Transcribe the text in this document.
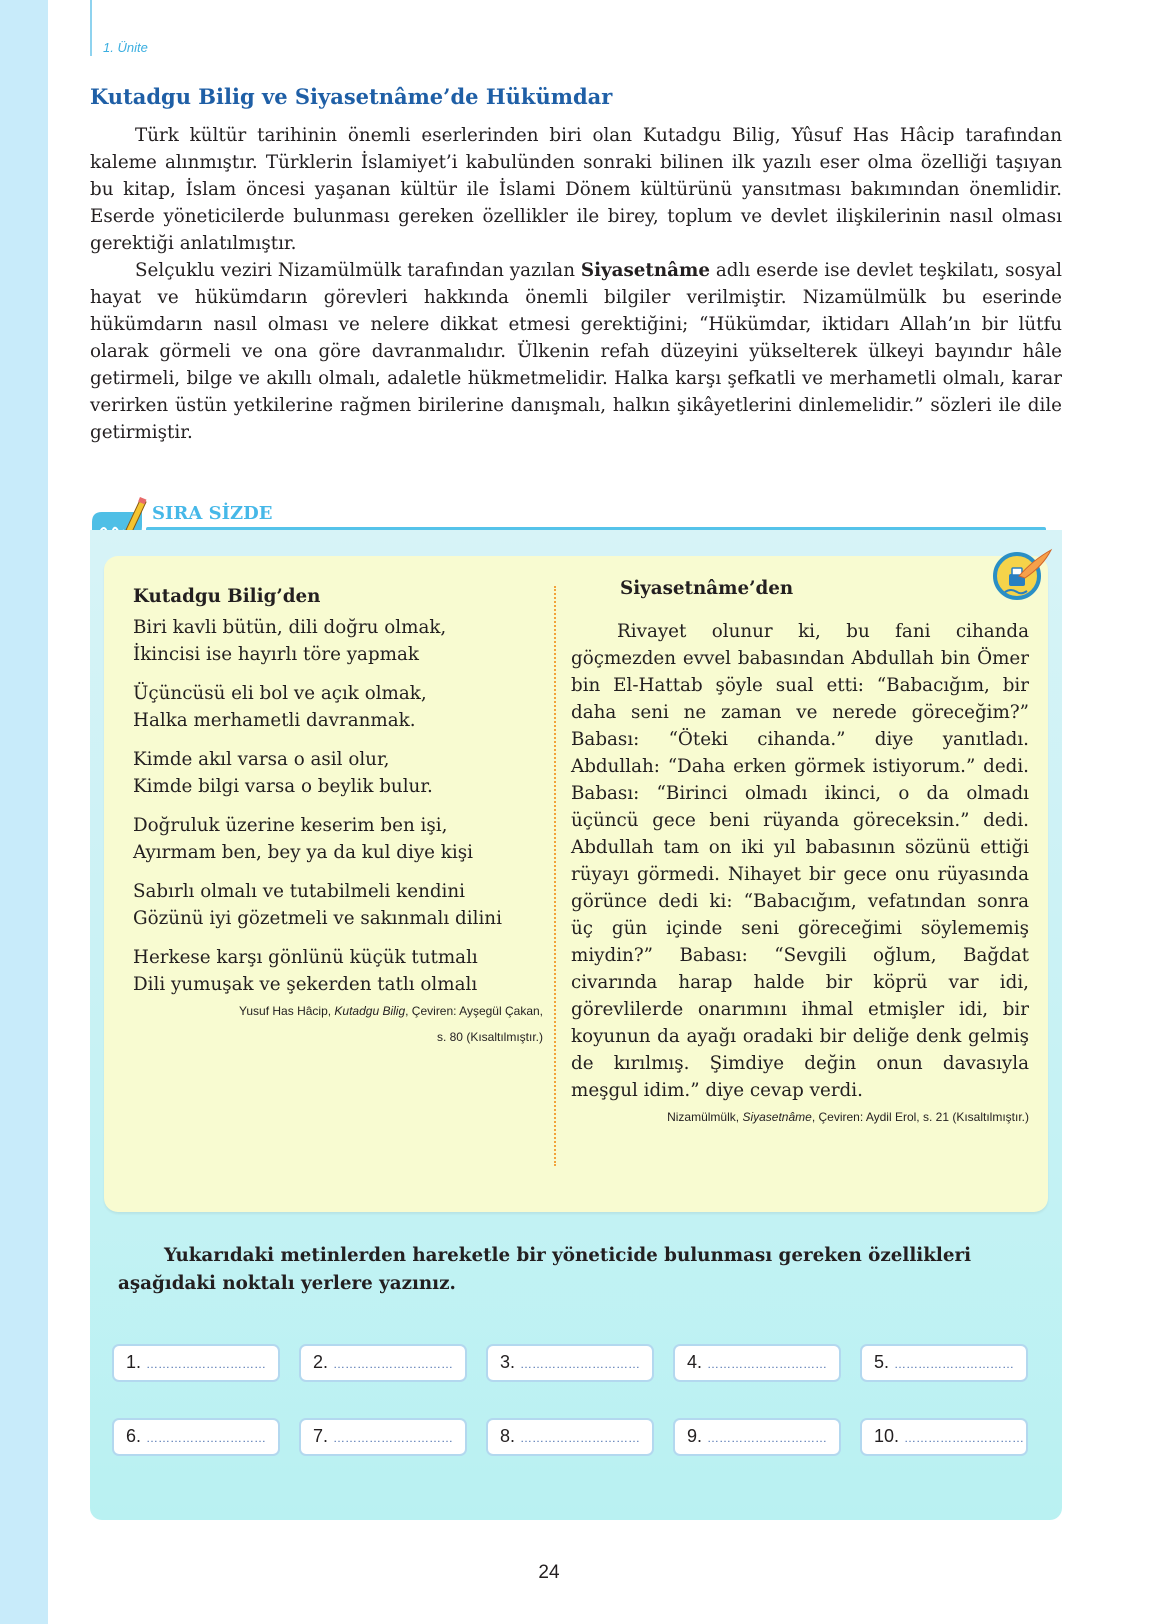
1. Ünite
Kutadgu Bilig ve Siyasetnâme’de Hükümdar

Türk kültür tarihinin önemli eserlerinden biri olan Kutadgu Bilig, Yûsuf Has Hâcip tarafından kaleme alınmıştır. Türklerin İslamiyet’i kabulünden sonraki bilinen ilk yazılı eser olma özelliği taşıyan bu kitap, İslam öncesi yaşanan kültür ile İslami Dönem kültürünü yansıtması bakımından önemlidir. Eserde yöneticilerde bulunması gereken özellikler ile birey, toplum ve devlet ilişkilerinin nasıl olması gerektiği anlatılmıştır.

Selçuklu veziri Nizamülmülk tarafından yazılan Siyasetnâme adlı eserde ise devlet teşkilatı, sosyal hayat ve hükümdarın görevleri hakkında önemli bilgiler verilmiştir. Nizamülmülk bu eserinde hükümdarın nasıl olması ve nelere dikkat etmesi gerektiğini; “Hükümdar, iktidarı Allah’ın bir lütfu olarak görmeli ve ona göre davranmalıdır. Ülkenin refah düzeyini yükselterek ülkeyi bayındır hâle getirmeli, bilge ve akıllı olmalı, adaletle hükmetmelidir. Halka karşı şefkatli ve merhametli olmalı, karar verirken üstün yetkilerine rağmen birilerine danışmalı, halkın şikâyetlerini dinlemelidir.” sözleri ile dile getirmiştir.

SIRA SİZDE

Kutadgu Bilig’den

Biri kavli bütün, dili doğru olmak,
İkincisi ise hayırlı töre yapmak
Üçüncüsü eli bol ve açık olmak,
Halka merhametli davranmak.
Kimde akıl varsa o asil olur,
Kimde bilgi varsa o beylik bulur.
Doğruluk üzerine keserim ben işi,
Ayırmam ben, bey ya da kul diye kişi
Sabırlı olmalı ve tutabilmeli kendini
Gözünü iyi gözetmeli ve sakınmalı dilini
Herkese karşı gönlünü küçük tutmalı
Dili yumuşak ve şekerden tatlı olmalı
Yusuf Has Hâcip, Kutadgu Bilig, Çeviren: Ayşegül Çakan,
s. 80 (Kısaltılmıştır.)

Siyasetnâme’den

Rivayet olunur ki, bu fani cihanda göçmezden evvel babasından Abdullah bin Ömer bin El-Hattab şöyle sual etti: “Babacığım, bir daha seni ne zaman ve nerede göreceğim?” Babası: “Öteki cihanda.” diye yanıtladı. Abdullah: “Daha erken görmek istiyorum.” dedi. Babası: “Birinci olmadı ikinci, o da olmadı üçüncü gece beni rüyanda göreceksin.” dedi. Abdullah tam on iki yıl babasının sözünü ettiği rüyayı görmedi. Nihayet bir gece onu rüyasında görünce dedi ki: “Babacığım, vefatından sonra üç gün içinde seni göreceğimi söylememiş miydin?” Babası: “Sevgili oğlum, Bağdat civarında harap halde bir köprü var idi, görevlilerde onarımını ihmal etmişler idi, bir koyunun da ayağı oradaki bir deliğe denk gelmiş de kırılmış. Şimdiye değin onun davasıyla meşgul idim.” diye cevap verdi.

Nizamülmülk, Siyasetnâme, Çeviren: Aydil Erol, s. 21 (Kısaltılmıştır.)
Yukarıdaki metinlerden hareketle bir yöneticide bulunması gereken özellikleri
aşağıdaki noktalı yerlere yazınız.
1. …………………………	2. …………………………	3. …………………………	4. …………………………	5. …………………………
6. …………………………	7. …………………………	8. …………………………	9. …………………………	10. …………………………
24
